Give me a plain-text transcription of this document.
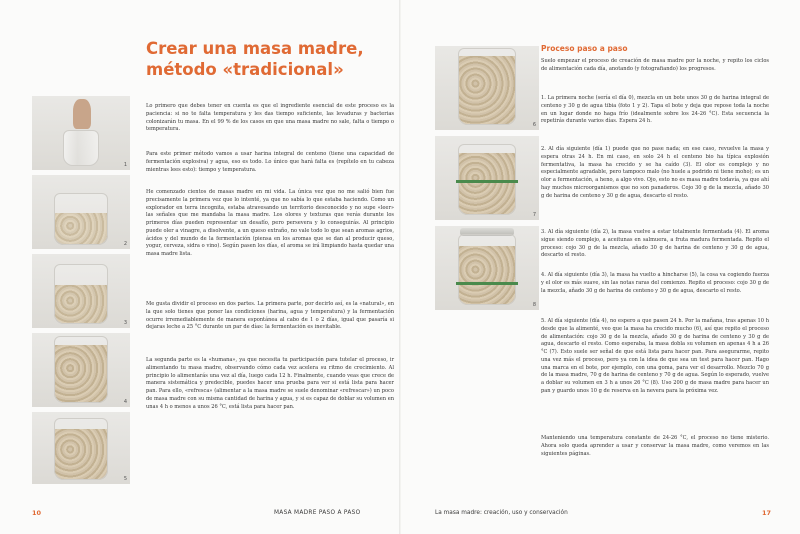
1
2
3
4
5
Crear una masa madre,
método «tradicional»

Lo primero que debes tener en cuenta es que el ingrediente esencial de este proceso es la paciencia: si no te falta temperatura y les das tiempo suficiente, las levaduras y bacterias colonizarán tu masa. En el 99 % de los casos en que una masa madre no sale, falta o tiempo o temperatura.

Para este primer método vamos a usar harina integral de centeno (tiene una capacidad de fermentación explosiva) y agua, eso es todo. Lo único que hará falta es (repítelo en tu cabeza mientras lees esto): tiempo y temperatura.

He comenzado cientos de masas madre en mi vida. La única vez que no me salió bien fue precisamente la primera vez que lo intenté, ya que no sabía lo que estaba haciendo. Como un explorador en terra incognita, estaba atravesando un territorio desconocido y no supe «leer» las señales que me mandaba la masa madre. Los olores y texturas que verás durante los primeros días pueden representar un desafío, pero persevera y lo conseguirás. Al principio puede oler a vinagre, a disolvente, a un queso extraño, no vale todo lo que sean aromas agrios, ácidos y del mundo de la fermentación (piensa en los aromas que se dan al producir queso, yogur, cerveza, sidra o vino). Según pasen los días, el aroma se irá limpiando hasta quedar una masa madre lista.

Me gusta dividir el proceso en dos partes. La primera parte, por decirlo así, es la «natural», en la que solo tienes que poner las condiciones (harina, agua y temperatura) y la fermentación ocurre irremediablemente de manera espontánea al cabo de 1 o 2 días, igual que pasaría si dejaras leche a 25 °C durante un par de días: la fermentación es inevitable.

La segunda parte es la «humana», ya que necesita tu participación para tutelar el proceso, ir alimentando tu masa madre, observando cómo cada vez acelera su ritmo de crecimiento. Al principio lo alimentarás una vez al día, luego cada 12 h. Finalmente, cuando veas que crece de manera sistemática y predecible, puedes hacer una prueba para ver si está lista para hacer pan. Para ello, «refresca» (alimentar a la masa madre se suele denominar «refrescar») un poco de masa madre con su misma cantidad de harina y agua, y si es capaz de doblar su volumen en unas 4 h o menos a unos 26 °C, está lista para hacer pan.

6
7
8
Proceso paso a paso

Suelo empezar el proceso de creación de masa madre por la noche, y repito los ciclos de alimentación cada día, anotando (y fotografiando) los progresos.

1. La primera noche (sería el día 0), mezcla en un bote unos 30 g de harina integral de centeno y 30 g de agua tibia (foto 1 y 2). Tapa el bote y deja que repose toda la noche en un lugar donde no haga frío (idealmente sobre los 24-26 °C). Esta secuencia la repetirás durante varios días. Espera 24 h.

2. Al día siguiente (día 1) puede que no pase nada; en ese caso, revuelve la masa y espera otras 24 h. En mi caso, en solo 24 h el centeno bio ha típica explosión fermentativa, la masa ha crecido y se ha caído (3). El olor es complejo y no especialmente agradable, pero tampoco malo (no huele a podrido ni tiene moho); es un olor a fermentación, a heno, a algo vivo. Ojo, esto no es masa madre todavía, ya que ahí hay muchos microorganismos que no son panaderos. Cojo 30 g de la mezcla, añado 30 g de harina de centeno y 30 g de agua, descarto el resto.

3. Al día siguiente (día 2), la masa vuelve a estar totalmente fermentada (4). El aroma sigue siendo complejo, a aceitunas en salmuera, a fruta madura fermentada. Repito el proceso: cojo 30 g de la mezcla, añado 30 g de harina de centeno y 30 g de agua, descarto el resto.

4. Al día siguiente (día 3), la masa ha vuelto a hincharse (5), la cosa va cogiendo fuerza y el olor es más suave, sin las notas raras del comienzo. Repito el proceso: cojo 30 g de la mezcla, añado 30 g de harina de centeno y 30 g de agua, descarto el resto.

5. Al día siguiente (día 4), no espero a que pasen 24 h. Por la mañana, tras apenas 10 h desde que la alimenté, veo que la masa ha crecido mucho (6), así que repito el proceso de alimentación: cojo 30 g de la mezcla, añado 30 g de harina de centeno y 30 g de agua, descarto el resto. Como esperaba, la masa dobla su volumen en apenas 4 h a 26 °C (7). Esto suele ser señal de que está lista para hacer pan. Para asegurarme, repito una vez más el proceso, pero ya con la idea de que sea un test para hacer pan. Hago una marca en el bote, por ejemplo, con una goma, para ver el desarrollo. Mezclo 70 g de la masa madre, 70 g de harina de centeno y 70 g de agua. Según lo esperado, vuelve a doblar su volumen en 3 h a unos 26 °C (8). Uso 200 g de masa madre para hacer un pan y guardo unos 10 g de reserva en la nevera para la próxima vez.

Manteniendo una temperatura constante de 24-26 °C, el proceso no tiene misterio. Ahora solo queda aprender a usar y conservar la masa madre, como veremos en las siguientes páginas.

10	MASA MADRE PASO A PASO	La masa madre: creación, uso y conservación	17
